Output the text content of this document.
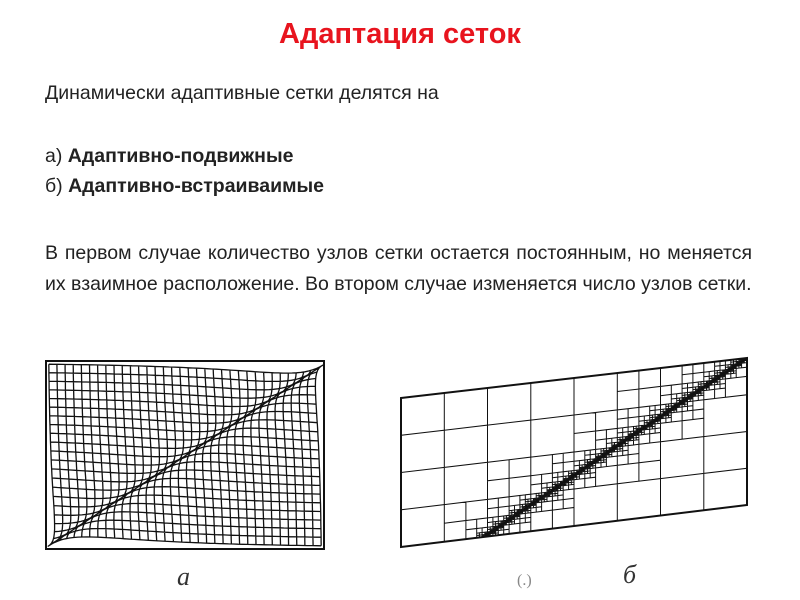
Адаптация сеток
Динамически адаптивные сетки делятся на
а) Адаптивно-подвижные
б) Адаптивно-встраиваимые
В первом случае количество узлов сетки остается постоянным, но меняется их взаимное расположение. Во втором случае изменяется число узлов сетки.
а	(.)	б
